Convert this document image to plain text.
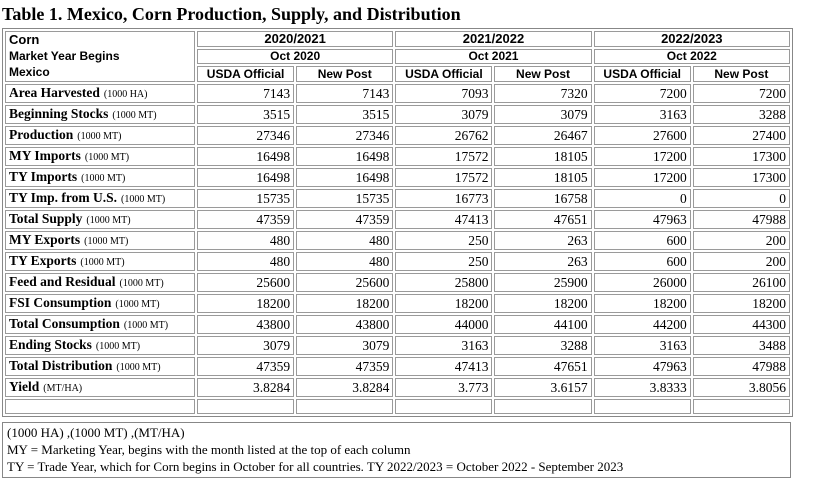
Table 1. Mexico, Corn Production, Supply, and Distribution
Corn
Market Year Begins
Mexico	2020/2021		2021/2022		2022/2023	
	Oct 2020		Oct 2021		Oct 2022	
	USDA Official	New Post	USDA Official	New Post	USDA Official	New Post
Area Harvested (1000 HA)	7143	7143	7093	7320	7200	7200
Beginning Stocks (1000 MT)	3515	3515	3079	3079	3163	3288
Production (1000 MT)	27346	27346	26762	26467	27600	27400
MY Imports (1000 MT)	16498	16498	17572	18105	17200	17300
TY Imports (1000 MT)	16498	16498	17572	18105	17200	17300
TY Imp. from U.S. (1000 MT)	15735	15735	16773	16758	0	0
Total Supply (1000 MT)	47359	47359	47413	47651	47963	47988
MY Exports (1000 MT)	480	480	250	263	600	200
TY Exports (1000 MT)	480	480	250	263	600	200
Feed and Residual (1000 MT)	25600	25600	25800	25900	26000	26100
FSI Consumption (1000 MT)	18200	18200	18200	18200	18200	18200
Total Consumption (1000 MT)	43800	43800	44000	44100	44200	44300
Ending Stocks (1000 MT)	3079	3079	3163	3288	3163	3488
Total Distribution (1000 MT)	47359	47359	47413	47651	47963	47988
Yield (MT/HA)	3.8284	3.8284	3.773	3.6157	3.8333	3.8056

(1000 HA) ,(1000 MT) ,(MT/HA)
MY = Marketing Year, begins with the month listed at the top of each column
TY = Trade Year, which for Corn begins in October for all countries. TY 2022/2023 = October 2022 - September 2023
